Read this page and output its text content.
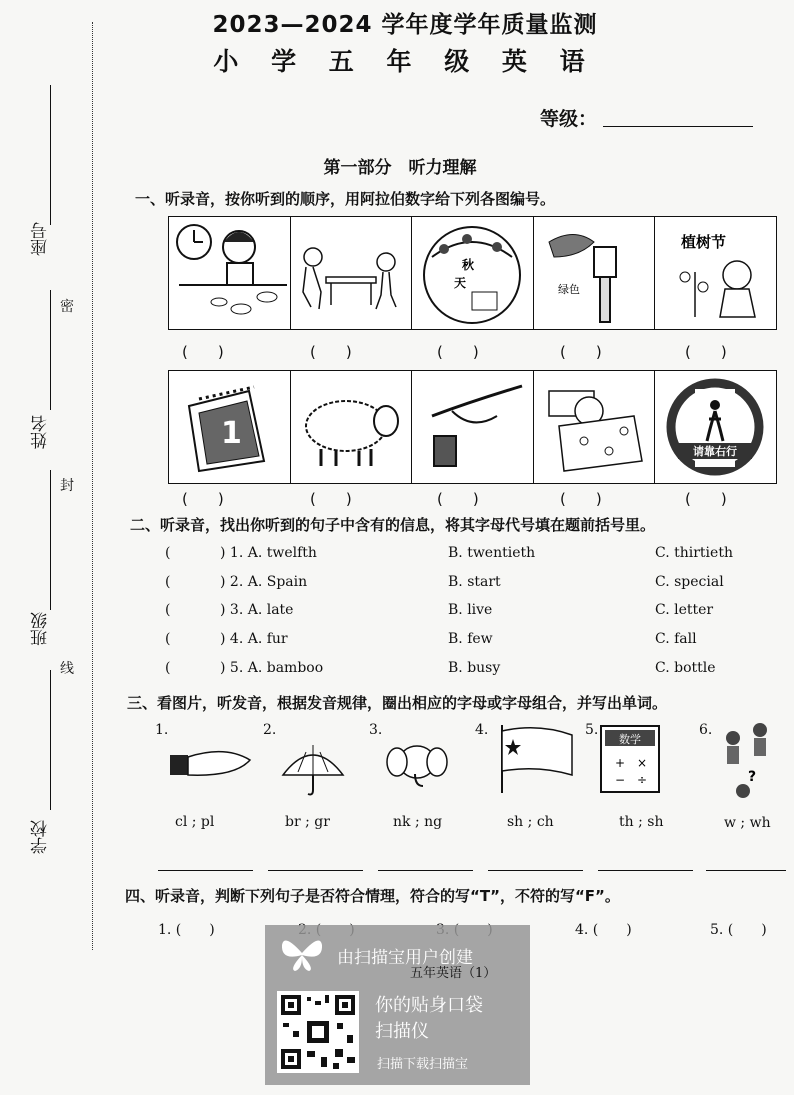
座号
姓名
班级
学校
密
封
线
2023—2024 学年度学年质量监测
小 学 五 年 级 英 语
等级：
第一部分　听力理解
一、听录音，按你听到的顺序，用阿拉伯数字给下列各图编号。
秋
天	绿色
植树节
(　　)	(　　)	(　　)	(　　)	(　　)
1
请靠右行
(　　)	(　　)	(　　)	(　　)	(　　)
二、听录音，找出你听到的句子中含有的信息，将其字母代号填在题前括号里。
(	) 1. A. twelfth	B. twentieth	C. thirtieth
(	) 2. A. Spain	B. start	C. special
(	) 3. A. late	B. live	C. letter
(	) 4. A. fur	B. few	C. fall
(	) 5. A. bamboo	B. busy	C. bottle
三、看图片，听发音，根据发音规律，圈出相应的字母或字母组合，并写出单词。
1.	2.	3.	4.	5.	6.
数学
+ ×
− ÷	?
cl ; pl	br ; gr	nk ; ng	sh ; ch	th ; sh	w ; wh
四、听录音，判断下列句子是否符合情理，符合的写“T”，不符的写“F”。
1. (　　)	4. (　　)	5. (　　)
由扫描宝用户创建
你的贴身口袋
扫描仪
扫描下载扫描宝
五年英语（1）
